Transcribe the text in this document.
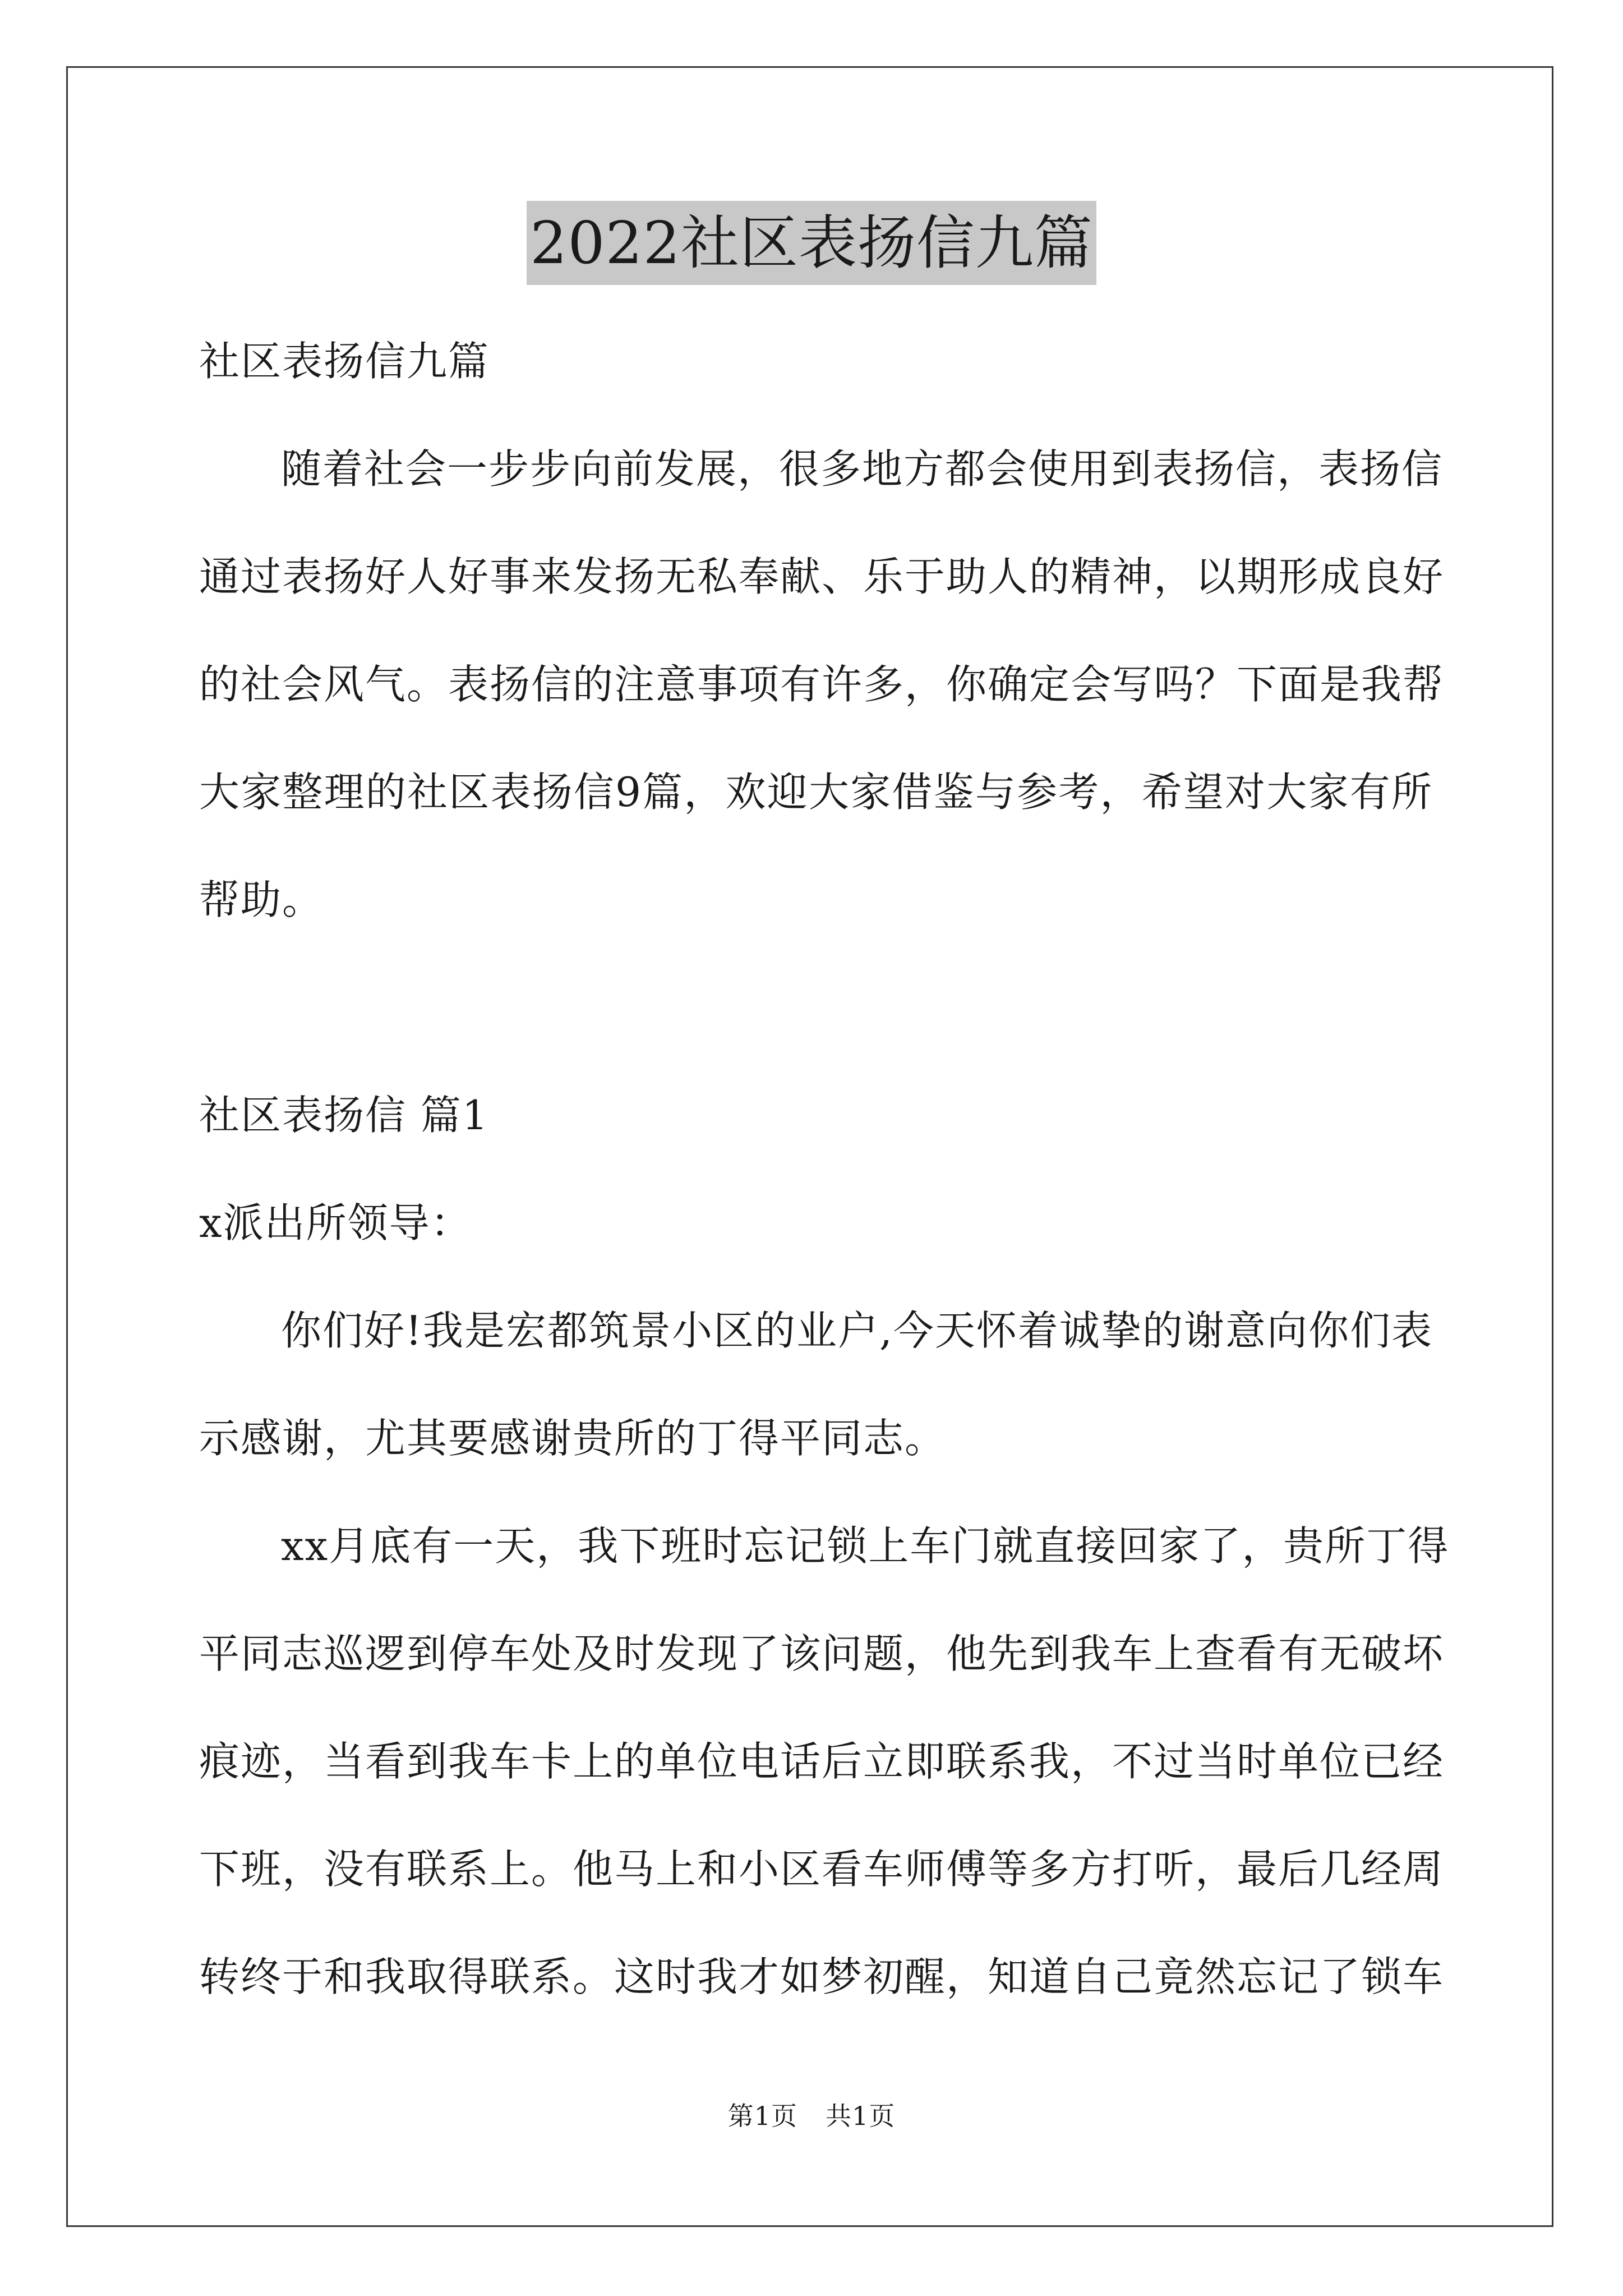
2022社区表扬信九篇
社区表扬信九篇
随着社会一步步向前发展，很多地方都会使用到表扬信，表扬信
通过表扬好人好事来发扬无私奉献、乐于助人的精神，以期形成良好
的社会风气。表扬信的注意事项有许多，你确定会写吗？下面是我帮
大家整理的社区表扬信9篇，欢迎大家借鉴与参考，希望对大家有所
帮助。
社区表扬信 篇1
x派出所领导：
你们好!我是宏都筑景小区的业户,今天怀着诚挚的谢意向你们表
示感谢，尤其要感谢贵所的丁得平同志。
xx月底有一天，我下班时忘记锁上车门就直接回家了，贵所丁得
平同志巡逻到停车处及时发现了该问题，他先到我车上查看有无破坏
痕迹，当看到我车卡上的单位电话后立即联系我，不过当时单位已经
下班，没有联系上。他马上和小区看车师傅等多方打听，最后几经周
转终于和我取得联系。这时我才如梦初醒，知道自己竟然忘记了锁车
第1页 共1页
